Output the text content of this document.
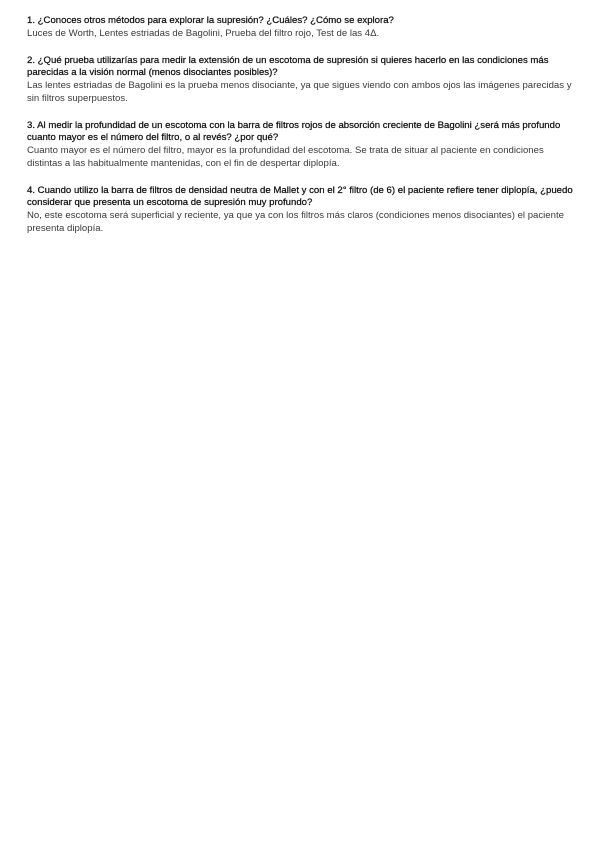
1. ¿Conoces otros métodos para explorar la supresión? ¿Cuáles? ¿Cómo se explora?

Luces de Worth, Lentes estriadas de Bagolini, Prueba del filtro rojo, Test de las 4Δ.

2. ¿Qué prueba utilizarías para medir la extensión de un escotoma de supresión si quieres hacerlo en las condiciones más parecidas a la visión normal (menos disociantes posibles)?

Las lentes estriadas de Bagolini es la prueba menos disociante, ya que sigues viendo con ambos ojos las imágenes parecidas y sin filtros superpuestos.

3. Al medir la profundidad de un escotoma con la barra de filtros rojos de absorción creciente de Bagolini ¿será más profundo cuanto mayor es el número del filtro, o al revés? ¿por qué?

Cuanto mayor es el número del filtro, mayor es la profundidad del escotoma. Se trata de situar al paciente en condiciones distintas a las habitualmente mantenidas, con el fin de despertar diplopía.

4. Cuando utilizo la barra de filtros de densidad neutra de Mallet y con el 2° filtro (de 6) el paciente refiere tener diplopía, ¿puedo considerar que presenta un escotoma de supresión muy profundo?

No, este escotoma será superficial y reciente, ya que ya con los filtros más claros (condiciones menos disociantes) el paciente presenta diplopía.
